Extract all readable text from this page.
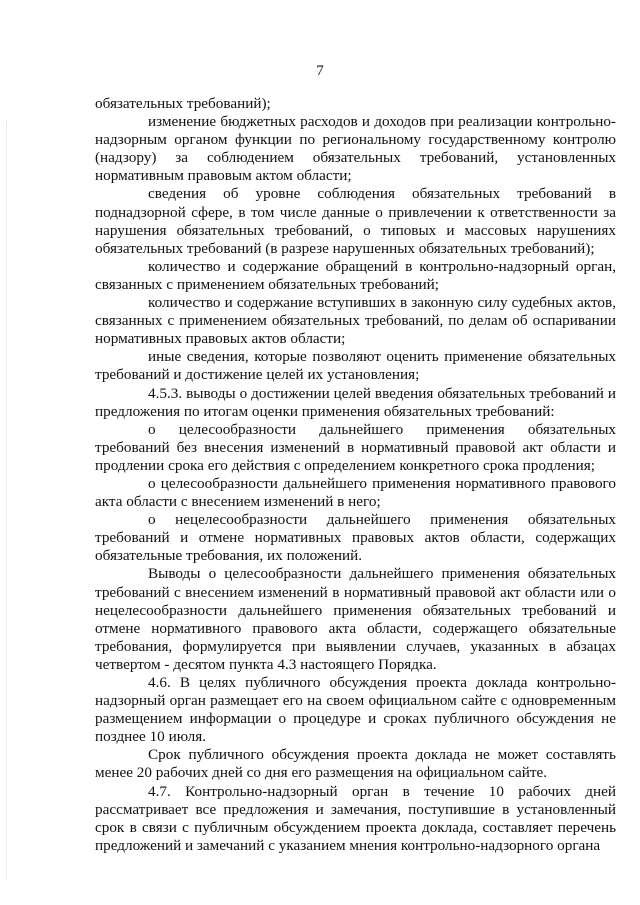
7

обязательных требований);

изменение бюджетных расходов и доходов при реализации контрольно-надзорным органом функции по региональному государственному контролю (надзору) за соблюдением обязательных требований, установленных нормативным правовым актом области;

сведения об уровне соблюдения обязательных требований в поднадзорной сфере, в том числе данные о привлечении к ответственности за нарушения обязательных требований, о типовых и массовых нарушениях обязательных требований (в разрезе нарушенных обязательных требований);

количество и содержание обращений в контрольно-надзорный орган, связанных с применением обязательных требований;

количество и содержание вступивших в законную силу судебных актов, связанных с применением обязательных требований, по делам об оспаривании нормативных правовых актов области;

иные сведения, которые позволяют оценить применение обязательных требований и достижение целей их установления;

4.5.3. выводы о достижении целей введения обязательных требований и предложения по итогам оценки применения обязательных требований:

о целесообразности дальнейшего применения обязательных требований без внесения изменений в нормативный правовой акт области и продлении срока его действия с определением конкретного срока продления;

о целесообразности дальнейшего применения нормативного правового акта области с внесением изменений в него;

о нецелесообразности дальнейшего применения обязательных требований и отмене нормативных правовых актов области, содержащих обязательные требования, их положений.

Выводы о целесообразности дальнейшего применения обязательных требований с внесением изменений в нормативный правовой акт области или о нецелесообразности дальнейшего применения обязательных требований и отмене нормативного правового акта области, содержащего обязательные требования, формулируется при выявлении случаев, указанных в абзацах четвертом - десятом пункта 4.3 настоящего Порядка.

4.6. В целях публичного обсуждения проекта доклада контрольно-надзорный орган размещает его на своем официальном сайте с одновременным размещением информации о процедуре и сроках публичного обсуждения не позднее 10 июля.

Срок публичного обсуждения проекта доклада не может составлять менее 20 рабочих дней со дня его размещения на официальном сайте.

4.7. Контрольно-надзорный орган в течение 10 рабочих дней рассматривает все предложения и замечания, поступившие в установленный срок в связи с публичным обсуждением проекта доклада, составляет перечень предложений и замечаний с указанием мнения контрольно-надзорного органа
